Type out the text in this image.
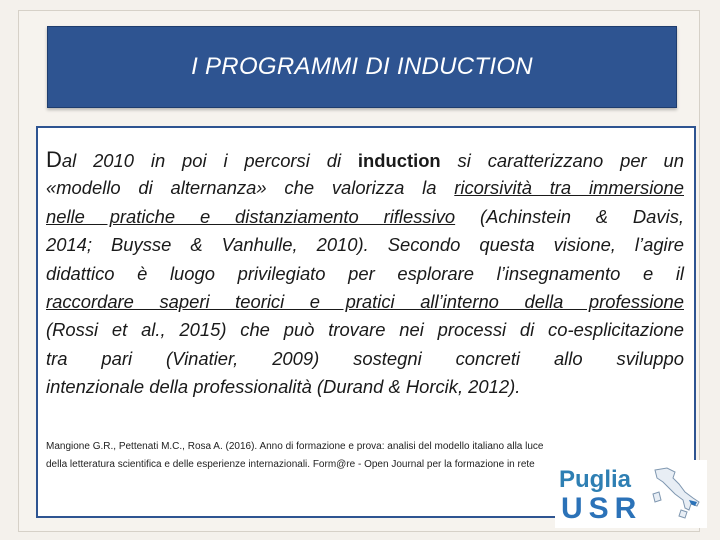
I PROGRAMMI DI INDUCTION
Dal 2010 in poi i percorsi di induction si caratterizzano per un
«modello di alternanza» che valorizza la ricorsività tra immersione
nelle pratiche e distanziamento riflessivo (Achinstein & Davis,
2014; Buysse & Vanhulle, 2010). Secondo questa visione, l’agire
didattico è luogo privilegiato per esplorare l’insegnamento e il
raccordare saperi teorici e pratici all’interno della professione
(Rossi et al., 2015) che può trovare nei processi di co-esplicitazione
tra pari (Vinatier, 2009) sostegni concreti allo sviluppo
intenzionale della professionalità (Durand & Horcik, 2012).
Mangione G.R., Pettenati M.C., Rosa A. (2016). Anno di formazione e prova: analisi del modello italiano alla luce
della letteratura scientifica e delle esperienze internazionali. Form@re - Open Journal per la formazione in rete
Puglia
USR
